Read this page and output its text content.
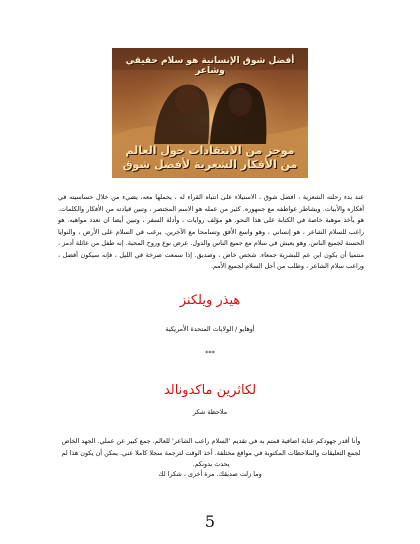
أفضل شوق الإنسانية هو سلام حقيقي وشاعر
موجز من الانتقادات حول العالم
من الأفكار الشعرية لأفضل شوق

عند بدء رحلته الشعرية ، افضل شوق ، الاستيلاء على انتباه القراء له ، يحملها معه، يضيء من خلال حساسيته في أفكاره والأبيات. ويشاطر عواطفه مع جمهوره. كثير من عمله هو الاسم المختصر ، وتبين قيادته من الأفكار والكلمات. هو يأخذ موهبة خاصة في الكتابة على هذا النحو. هو مؤلف روايات ، وأدلة السفر ، وتبين أيضا ان تعدد مواهبه. هو راعب للسلام الشاعر ، هو إنساني ، وهو واسع الأفق وتسامحا مع الآخرين. يرغب في السلام على الأرض ، والنوايا الحسنة لجميع الناس. وهو يعيش في سلام مع جميع الناس والدول. عرض نوع وروح المحبة. إنه طفل من عائلة أدمز ، منتميا أن يكون ابن عم للبشرية جمعاء. شخص خاص ، وصديق. إذا سمعت صرخة في الليل ، فإنه سيكون أفضل ، وراعب سلام الشاعر ، وطلب من أجل السلام لجميع الأمم.

هيذر ويلكنز
أوهايو / الولايات المتحدة الأمريكية
***
لكاثرين ماكدونالد
ملاحظة شكر

وأنا أقدر جهودكم عناية اضافية قمتم به في تقديم 'السلام راعب الشاعر' للعالم. جمع كبير عن عملي. الجهد الخاص لجمع التعليقات والملاحظات المكتوبة في مواقع مختلفة. أخذ الوقت لترجمة سجلا كاملا عني. يمكن أن يكون هذا لم يحدث بدونكم.

وما زلت صديقك. مرة أخرى ، شكرا لك
5
